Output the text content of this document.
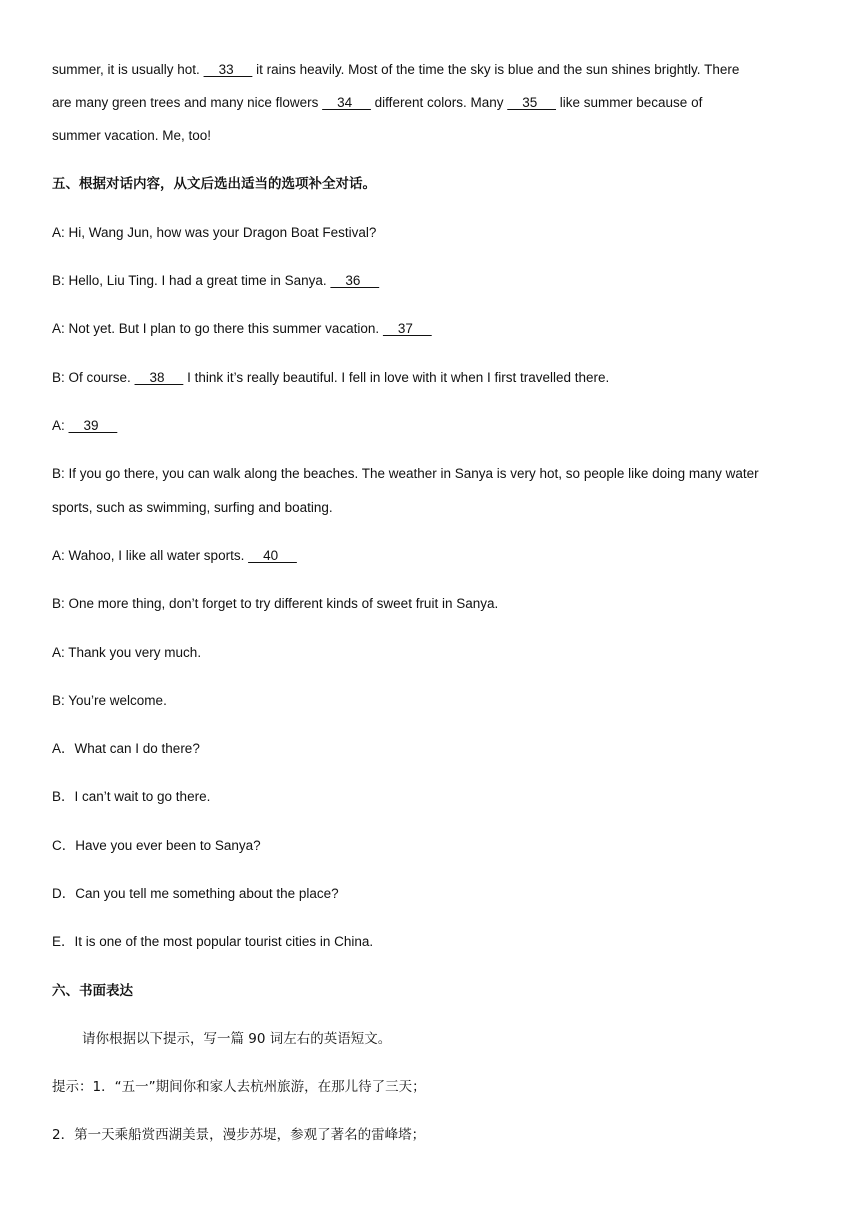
summer, it is usually hot.     33      it rains heavily. Most of the time the sky is blue and the sun shines brightly. There
are many green trees and many nice flowers     34      different colors. Many     35      like summer because of
summer vacation. Me, too!
五、根据对话内容，从文后选出适当的选项补全对话。
A: Hi, Wang Jun, how was your Dragon Boat Festival?
B: Hello, Liu Ting. I had a great time in Sanya.     36
A: Not yet. But I plan to go there this summer vacation.     37
B: Of course.     38      I think it’s really beautiful. I fell in love with it when I first travelled there.
A:     39
B: If you go there, you can walk along the beaches. The weather in Sanya is very hot, so people like doing many water
sports, such as swimming, surfing and boating.
A: Wahoo, I like all water sports.     40
B: One more thing, don’t forget to try different kinds of sweet fruit in Sanya.
A: Thank you very much.
B: You’re welcome.
A．What can I do there?
B．I can’t wait to go there.
C．Have you ever been to Sanya?
D．Can you tell me something about the place?
E．It is one of the most popular tourist cities in China.
六、书面表达
请你根据以下提示，写一篇 90 词左右的英语短文。
提示：1．“五一”期间你和家人去杭州旅游，在那儿待了三天；
2．第一天乘船赏西湖美景，漫步苏堤，参观了著名的雷峰塔；
